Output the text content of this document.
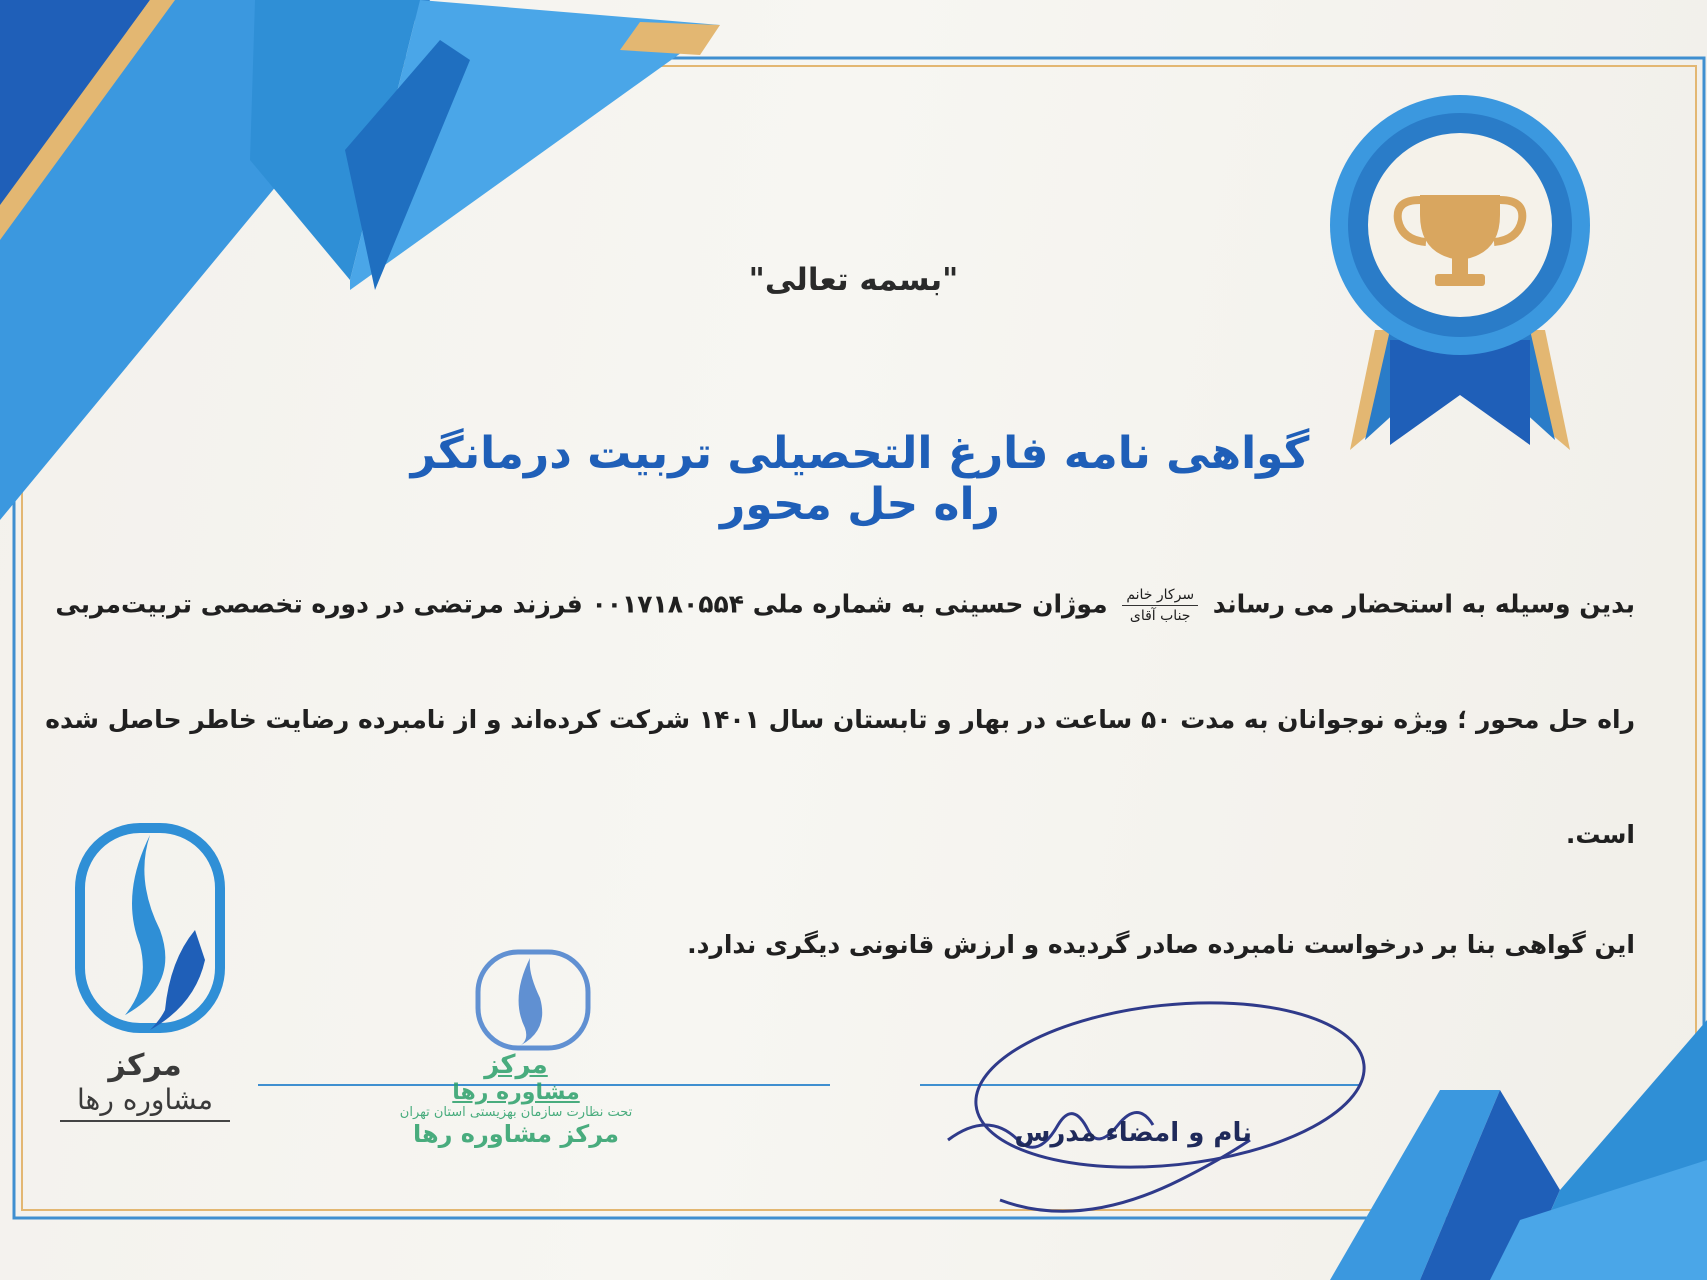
"بسمه تعالی"
گواهی نامه فارغ التحصیلی تربیت درمانگر راه حل محور
بدین وسیله به استحضار می رساند
سرکار خانم
جناب آقای
موژان حسینی به شماره ملی ۰۰۱۷۱۸۰۵۵۴ فرزند مرتضی در دوره تخصصی تربیت‌مربی
راه حل محور ؛ ویژه نوجوانان به مدت ۵۰ ساعت در بهار و تابستان سال ۱۴۰۱ شرکت کرده‌اند و از نامبرده رضایت خاطر حاصل شده
است.
این گواهی بنا بر درخواست نامبرده صادر گردیده و ارزش قانونی دیگری ندارد.
مرکز
مشاوره رها
مرکز
مشاوره رها
تحت نظارت سازمان بهزیستی استان تهران
مرکز مشاوره رها	نام و امضاء مدرس
